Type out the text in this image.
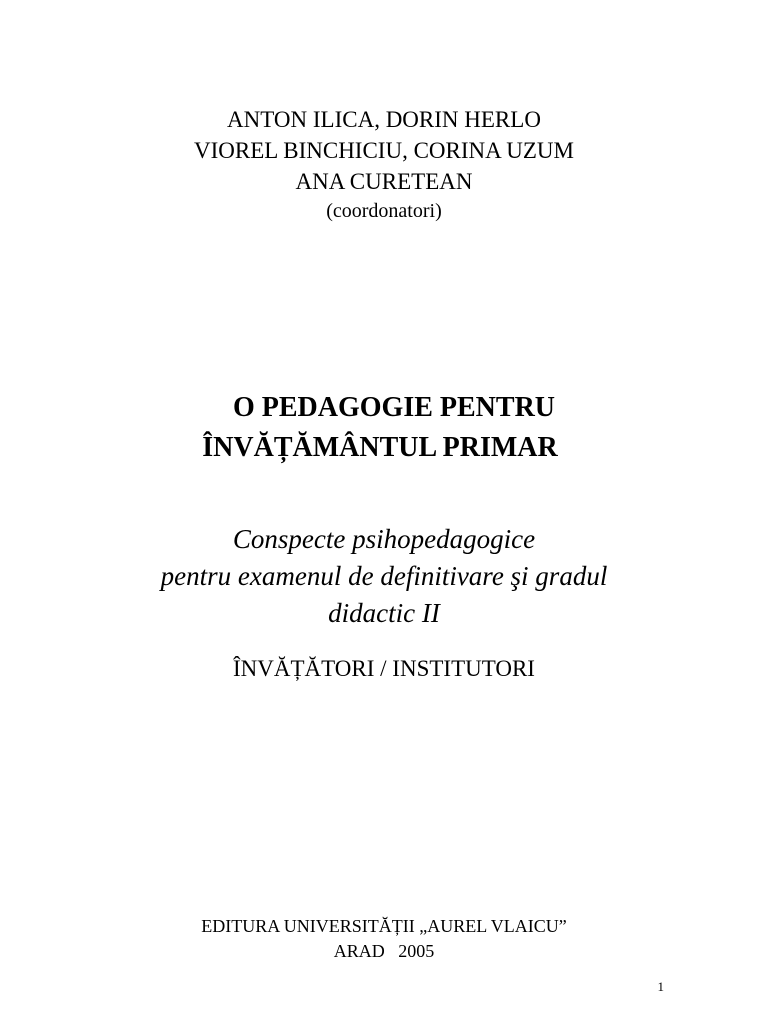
ANTON ILICA, DORIN HERLO
VIOREL BINCHICIU, CORINA UZUM
ANA CURETEAN
(coordonatori)
O PEDAGOGIE PENTRU
ÎNVĂȚĂMÂNTUL PRIMAR
Conspecte psihopedagogice
pentru examenul de definitivare şi gradul
didactic II
ÎNVĂȚĂTORI / INSTITUTORI
EDITURA UNIVERSITĂȚII „AUREL VLAICU”
ARAD   2005
1
